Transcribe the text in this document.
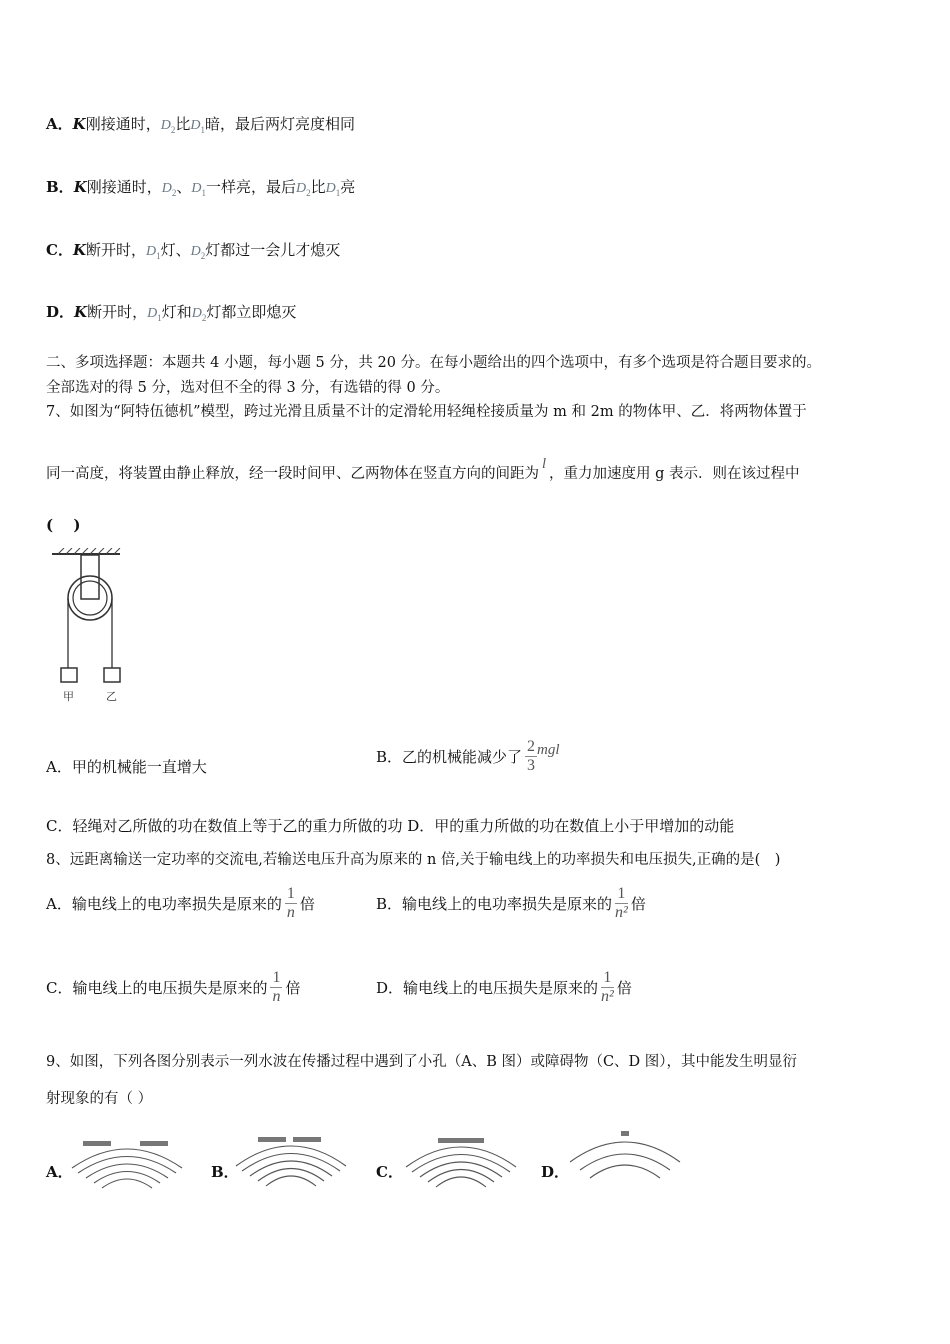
A．K刚接通时，$D_2$比$D_1$暗，最后两灯亮度相同
B．K刚接通时，$D_2$、$D_1$一样亮，最后$D_2$比$D_1$亮
C．K断开时，$D_1$灯、$D_2$灯都过一会儿才熄灭
D．K断开时，$D_1$灯和$D_2$灯都立即熄灭
二、多项选择题：本题共 4 小题，每小题 5 分，共 20 分。在每小题给出的四个选项中，有多个选项是符合题目要求的。
全部选对的得 5 分，选对但不全的得 3 分，有选错的得 0 分。
7、如图为“阿特伍德机”模型，跨过光滑且质量不计的定滑轮用轻绳栓接质量为 m 和 2m 的物体甲、乙．将两物体置于
同一高度，将装置由静止释放，经一段时间甲、乙两物体在竖直方向的间距为l，重力加速度用 g 表示．则在该过程中
(　 )
甲	乙
A．甲的机械能一直增大
B．乙的机械能减少了 $\frac{2}{3}$ mgl
C．轻绳对乙所做的功在数值上等于乙的重力所做的功 D．甲的重力所做的功在数值上小于甲增加的动能
8、远距离输送一定功率的交流电,若输送电压升高为原来的 n 倍,关于输电线上的功率损失和电压损失,正确的是(　)
A．输电线上的电功率损失是原来的 $\frac{1}{n}$ 倍	B．输电线上的电功率损失是原来的 $\frac{1}{\text{n²}}$ 倍
C．输电线上的电压损失是原来的 $\frac{1}{n}$ 倍	D．输电线上的电压损失是原来的 $\frac{1}{\text{n²}}$ 倍
9、如图，下列各图分别表示一列水波在传播过程中遇到了小孔（A、B 图）或障碍物（C、D 图），其中能发生明显衍
射现象的有（ ）
A．	B．	C．	D．
